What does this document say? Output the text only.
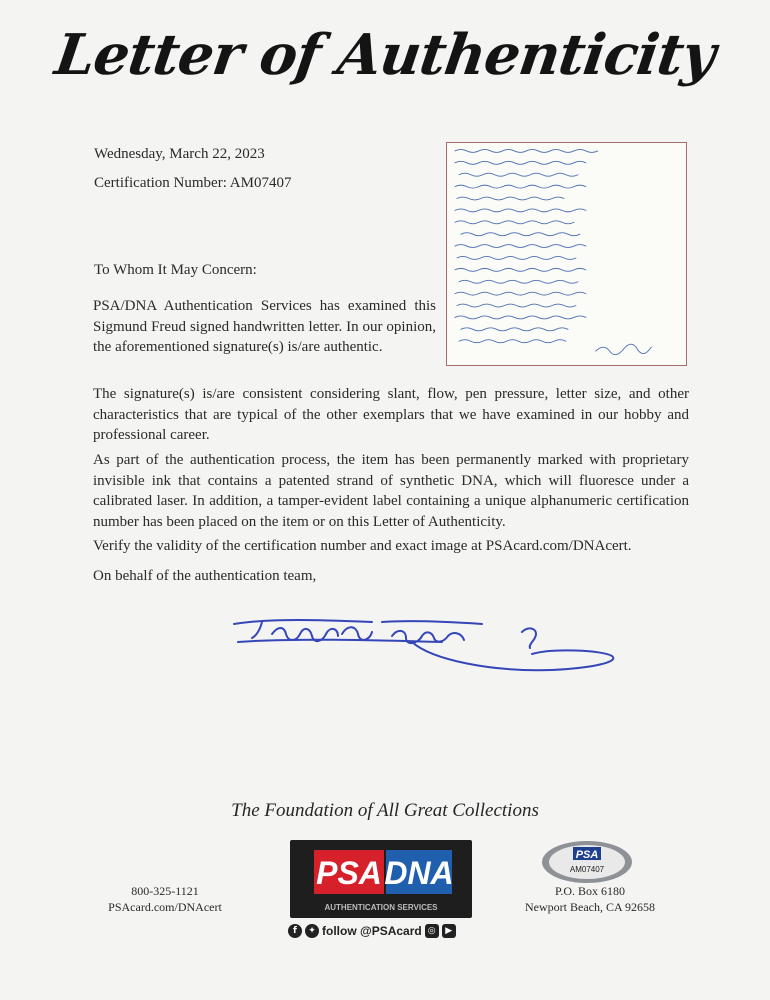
Letter of Authenticity
Wednesday, March 22, 2023
Certification Number: AM07407
To Whom It May Concern:

PSA/DNA Authentication Services has examined this Sigmund Freud signed handwritten letter. In our opinion, the aforementioned signature(s) is/are authentic.

The signature(s) is/are consistent considering slant, flow, pen pressure, letter size, and other characteristics that are typical of the other exemplars that we have examined in our hobby and professional career.

As part of the authentication process, the item has been permanently marked with proprietary invisible ink that contains a patented strand of synthetic DNA, which will fluoresce under a calibrated laser. In addition, a tamper-evident label containing a unique alphanumeric certification number has been placed on the item or on this Letter of Authenticity.

Verify the validity of the certification number and exact image at PSAcard.com/DNAcert.

On behalf of the authentication team,

The Foundation of All Great Collections
800-325-1121
PSAcard.com/DNAcert
PSA DNA
AUTHENTICATION SERVICES
f	✦ follow @PSAcard ◎	▶
PSA
AM07407
P.O. Box 6180
Newport Beach, CA 92658
